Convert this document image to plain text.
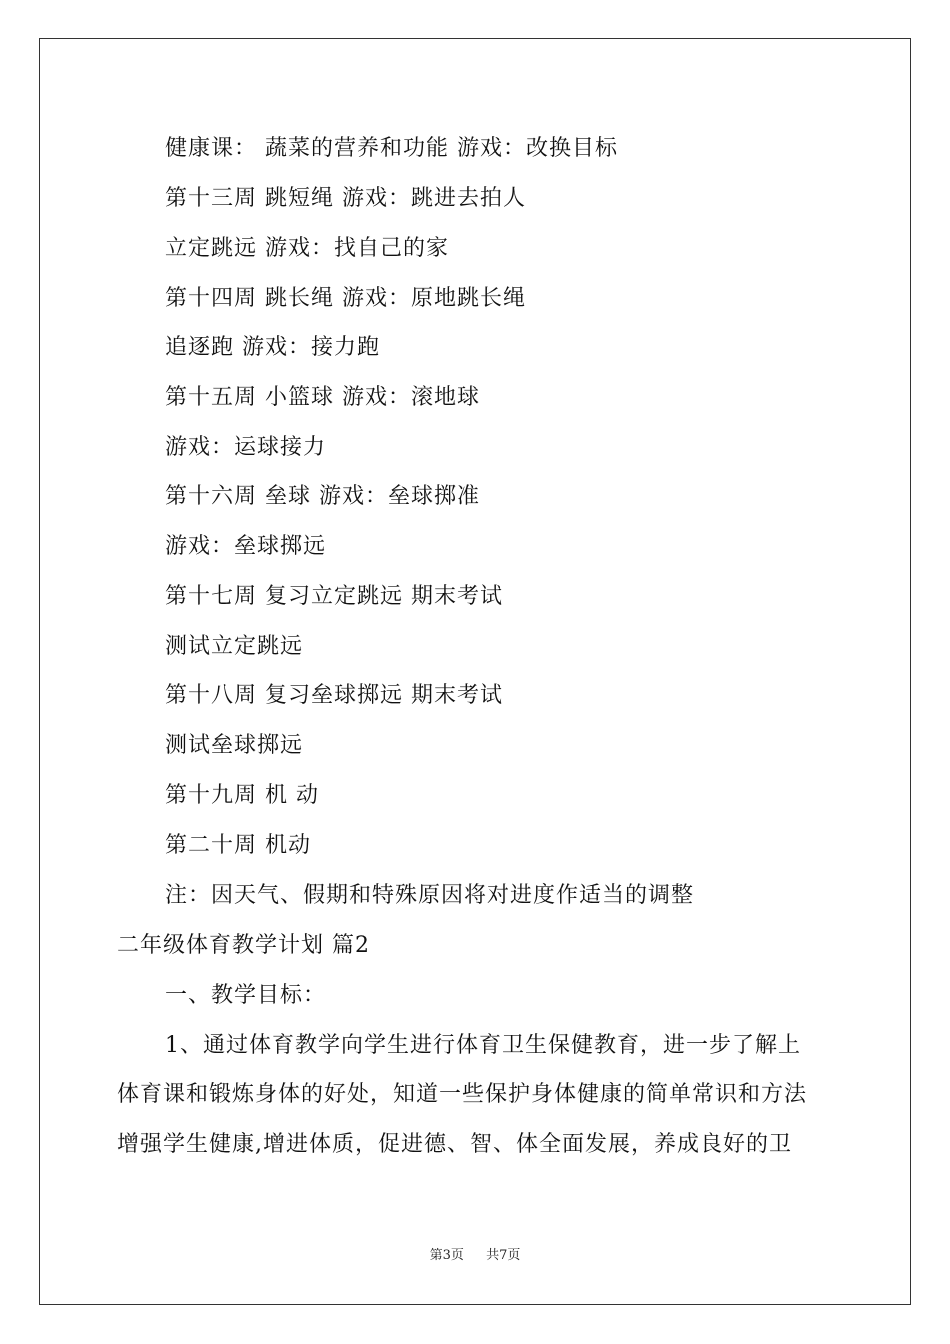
健康课： 蔬菜的营养和功能 游戏：改换目标
第十三周 跳短绳 游戏：跳进去拍人
立定跳远 游戏：找自己的家
第十四周 跳长绳 游戏：原地跳长绳
追逐跑 游戏：接力跑
第十五周 小篮球 游戏：滚地球
游戏：运球接力
第十六周 垒球 游戏：垒球掷准
游戏：垒球掷远
第十七周 复习立定跳远 期末考试
测试立定跳远
第十八周 复习垒球掷远 期末考试
测试垒球掷远
第十九周 机 动
第二十周 机动
注：因天气、假期和特殊原因将对进度作适当的调整
二年级体育教学计划 篇2
一、教学目标：
1、通过体育教学向学生进行体育卫生保健教育，进一步了解上
体育课和锻炼身体的好处，知道一些保护身体健康的简单常识和方法
增强学生健康,增进体质，促进德、智、体全面发展，养成良好的卫
第3页 共7页
